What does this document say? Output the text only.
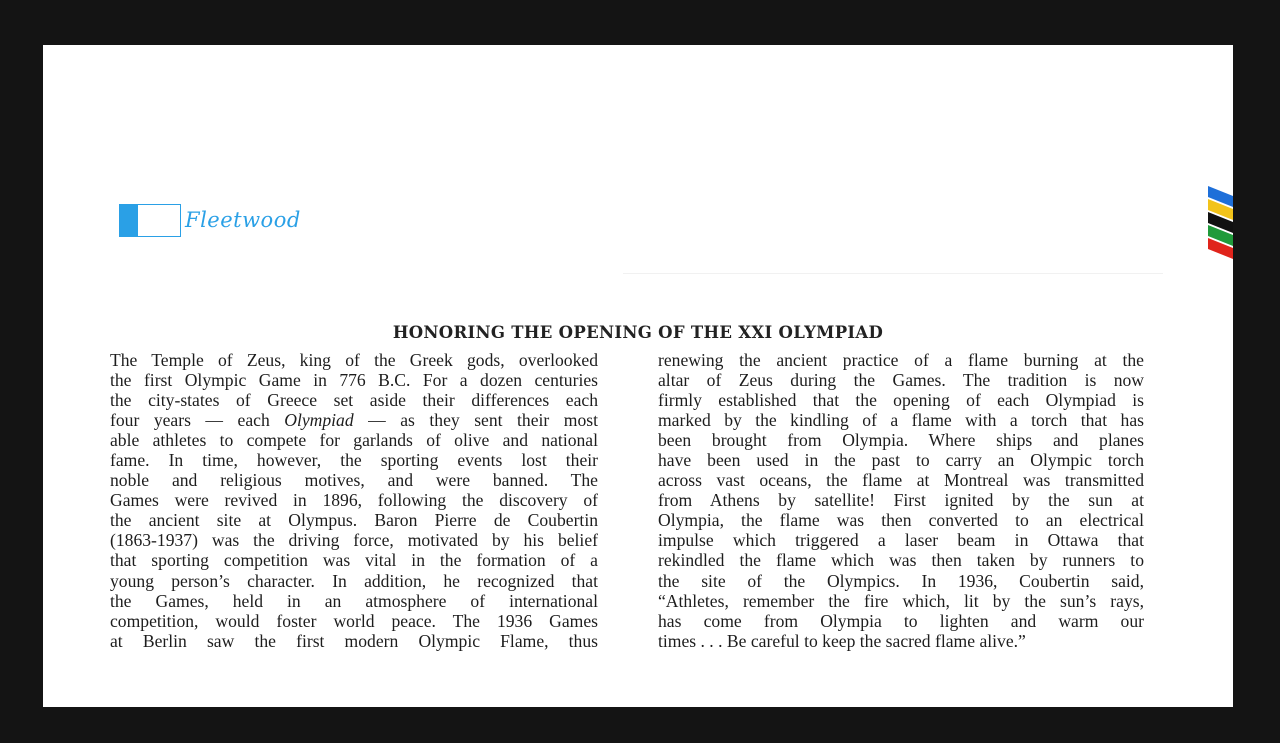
Fleetwood
HONORING THE OPENING OF THE XXI OLYMPIAD
The Temple of Zeus, king of the Greek gods, overlooked
the first Olympic Game in 776 B.C. For a dozen centuries
the city-states of Greece set aside their differences each
four years — each Olympiad — as they sent their most
able athletes to compete for garlands of olive and national
fame. In time, however, the sporting events lost their
noble and religious motives, and were banned. The
Games were revived in 1896, following the discovery of
the ancient site at Olympus. Baron Pierre de Coubertin
(1863-1937) was the driving force, motivated by his belief
that sporting competition was vital in the formation of a
young person’s character. In addition, he recognized that
the Games, held in an atmosphere of international
competition, would foster world peace. The 1936 Games
at Berlin saw the first modern Olympic Flame, thus
renewing the ancient practice of a flame burning at the
altar of Zeus during the Games. The tradition is now
firmly established that the opening of each Olympiad is
marked by the kindling of a flame with a torch that has
been brought from Olympia. Where ships and planes
have been used in the past to carry an Olympic torch
across vast oceans, the flame at Montreal was transmitted
from Athens by satellite! First ignited by the sun at
Olympia, the flame was then converted to an electrical
impulse which triggered a laser beam in Ottawa that
rekindled the flame which was then taken by runners to
the site of the Olympics. In 1936, Coubertin said,
“Athletes, remember the fire which, lit by the sun’s rays,
has come from Olympia to lighten and warm our
times . . . Be careful to keep the sacred flame alive.”
